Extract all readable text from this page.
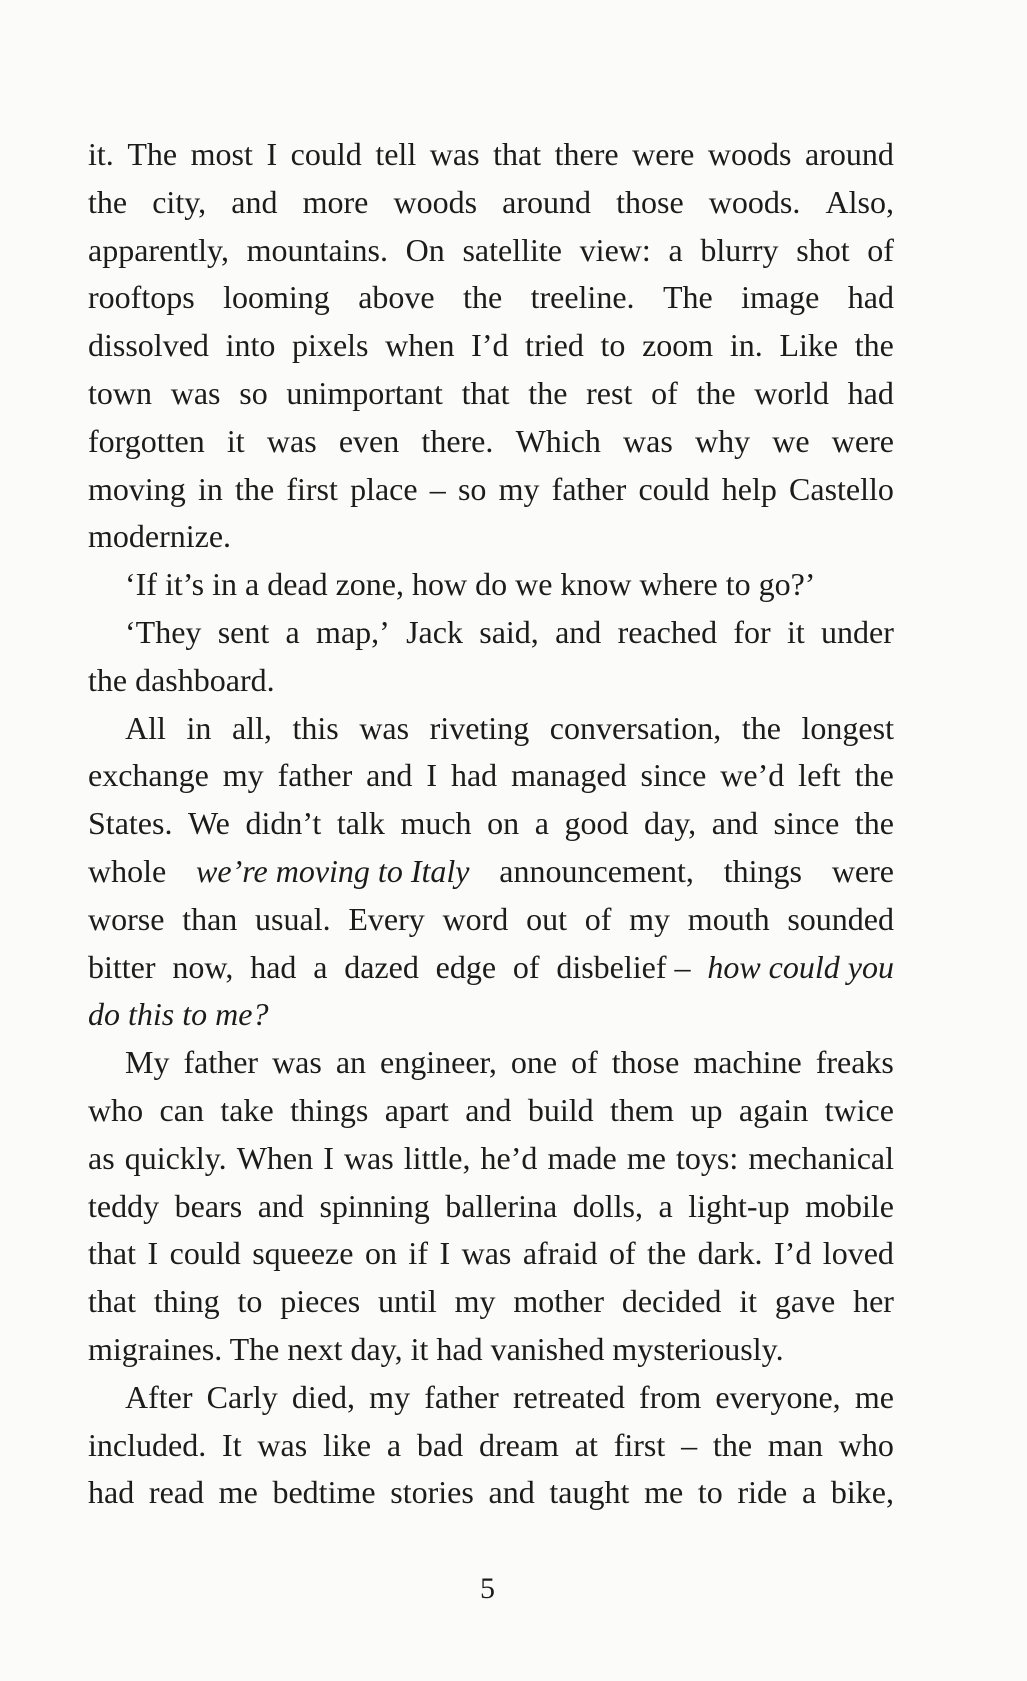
it. The most I could tell was that there were woods around
the city, and more woods around those woods. Also,
apparently, mountains. On satellite view: a blurry shot of
rooftops looming above the treeline. The image had
dissolved into pixels when I’d tried to zoom in. Like the
town was so unimportant that the rest of the world had
forgotten it was even there. Which was why we were
moving in the first place – so my father could help Castello
modernize.
‘If it’s in a dead zone, how do we know where to go?’
‘They sent a map,’ Jack said, and reached for it under
the dashboard.
All in all, this was riveting conversation, the longest
exchange my father and I had managed since we’d left the
States. We didn’t talk much on a good day, and since the
whole we’re moving to Italy announcement, things were
worse than usual. Every word out of my mouth sounded
bitter now, had a dazed edge of disbelief – how could you
do this to me?
My father was an engineer, one of those machine freaks
who can take things apart and build them up again twice
as quickly. When I was little, he’d made me toys: mechanical
teddy bears and spinning ballerina dolls, a light-up mobile
that I could squeeze on if I was afraid of the dark. I’d loved
that thing to pieces until my mother decided it gave her
migraines. The next day, it had vanished mysteriously.
After Carly died, my father retreated from everyone, me
included. It was like a bad dream at first – the man who
had read me bedtime stories and taught me to ride a bike,
5
